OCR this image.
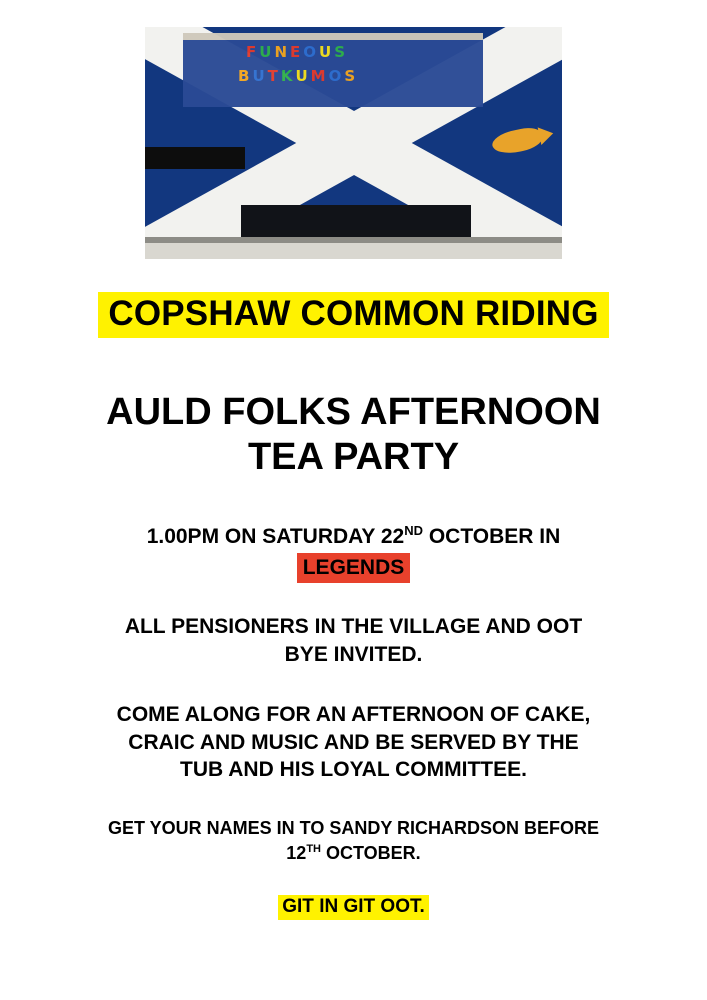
F U N E O U S
B U T K U M O S
COPSHAW COMMON RIDING
AULD FOLKS AFTERNOON
TEA PARTY
1.00PM ON SATURDAY 22ND OCTOBER IN
LEGENDS
ALL PENSIONERS IN THE VILLAGE AND OOT
BYE INVITED.
COME ALONG FOR AN AFTERNOON OF CAKE,
CRAIC AND MUSIC AND BE SERVED BY THE
TUB AND HIS LOYAL COMMITTEE.
GET YOUR NAMES IN TO SANDY RICHARDSON BEFORE
12TH OCTOBER.
GIT IN GIT OOT.
